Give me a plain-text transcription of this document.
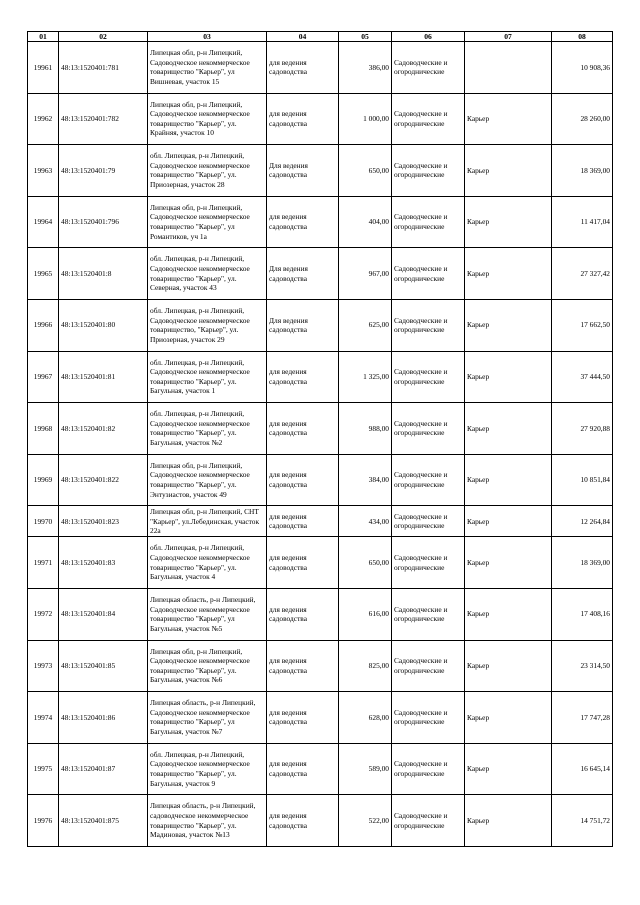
01	02	03	04	05	06	07	08
19961	48:13:1520401:781	Липецкая обл, р-н Липецкий, Садоводческое некоммерческое товарищество "Карьер", ул Вишневая, участок 15	для ведения садоводства	386,00	Садоводческие и огороднические		10 908,36
19962	48:13:1520401:782	Липецкая обл, р-н Липецкий, Садоводческое некоммерческое товарищество "Карьер", ул. Крайняя, участок 10	для ведения садоводства	1 000,00	Садоводческие и огороднические	Карьер	28 260,00
19963	48:13:1520401:79	обл. Липецкая, р-н Липецкий, Садоводческое некоммерческое товарищество "Карьер", ул. Приозерная, участок 28	Для ведения садоводства	650,00	Садоводческие и огороднические	Карьер	18 369,00
19964	48:13:1520401:796	Липецкая обл, р-н Липецкий, Садоводческое некоммерческое товарищество "Карьер", ул Романтиков, уч 1а	для ведения садоводства	404,00	Садоводческие и огороднические	Карьер	11 417,04
19965	48:13:1520401:8	обл. Липецкая, р-н Липецкий, Садоводческое некоммерческое товарищество "Карьер", ул. Северная, участок 43	Для ведения садоводства	967,00	Садоводческие и огороднические	Карьер	27 327,42
19966	48:13:1520401:80	обл. Липецкая, р-н Липецкий, Садоводческое некоммерческое товарищество, "Карьер", ул. Приозерная, участок 29	Для ведения садоводства	625,00	Садоводческие и огороднические	Карьер	17 662,50
19967	48:13:1520401:81	обл. Липецкая, р-н Липецкий, Садоводческое некоммерческое товарищество "Карьер", ул. Багульная, участок 1	для ведения садоводства	1 325,00	Садоводческие и огороднические	Карьер	37 444,50
19968	48:13:1520401:82	обл. Липецкая, р-н Липецкий, Садоводческое некоммерческое товарищество "Карьер", ул. Багульная, участок №2	для ведения садоводства	988,00	Садоводческие и огороднические	Карьер	27 920,88
19969	48:13:1520401:822	Липецкая обл, р-н Липецкий, Садоводческое некоммерческое товарищество "Карьер", ул. Энтузиастов, участок 49	для ведения садоводства	384,00	Садоводческие и огороднические	Карьер	10 851,84
19970	48:13:1520401:823	Липецкая обл, р-н Липецкий, СНТ "Карьер", ул.Лебединская, участок 22а	для ведения садоводства	434,00	Садоводческие и огороднические	Карьер	12 264,84
19971	48:13:1520401:83	обл. Липецкая, р-н Липецкий, Садоводческое некоммерческое товарищество "Карьер", ул. Багульная, участок 4	для ведения садоводства	650,00	Садоводческие и огороднические	Карьер	18 369,00
19972	48:13:1520401:84	Липецкая область, р-н Липецкий, Садоводческое некоммерческое товарищество "Карьер", ул Багульная, участок №5	для ведения садоводства	616,00	Садоводческие и огороднические	Карьер	17 408,16
19973	48:13:1520401:85	Липецкая обл, р-н Липецкий, Садоводческое некоммерческое товарищество "Карьер", ул. Багульная, участок №6	для ведения садоводства	825,00	Садоводческие и огороднические	Карьер	23 314,50
19974	48:13:1520401:86	Липецкая область, р-н Липецкий, Садоводческое некоммерческое товарищество "Карьер", ул Багульная, участок №7	для ведения садоводства	628,00	Садоводческие и огороднические	Карьер	17 747,28
19975	48:13:1520401:87	обл. Липецкая, р-н Липецкий, Садоводческое некоммерческое товарищество "Карьер", ул. Багульная, участок 9	для ведения садоводства	589,00	Садоводческие и огороднические	Карьер	16 645,14
19976	48:13:1520401:875	Липецкая область, р-н Липецкий, садоводческое некоммерческое товарищество "Карьер", ул. Мадиновая, участок №13	для ведения садоводства	522,00	Садоводческие и огороднические	Карьер	14 751,72
